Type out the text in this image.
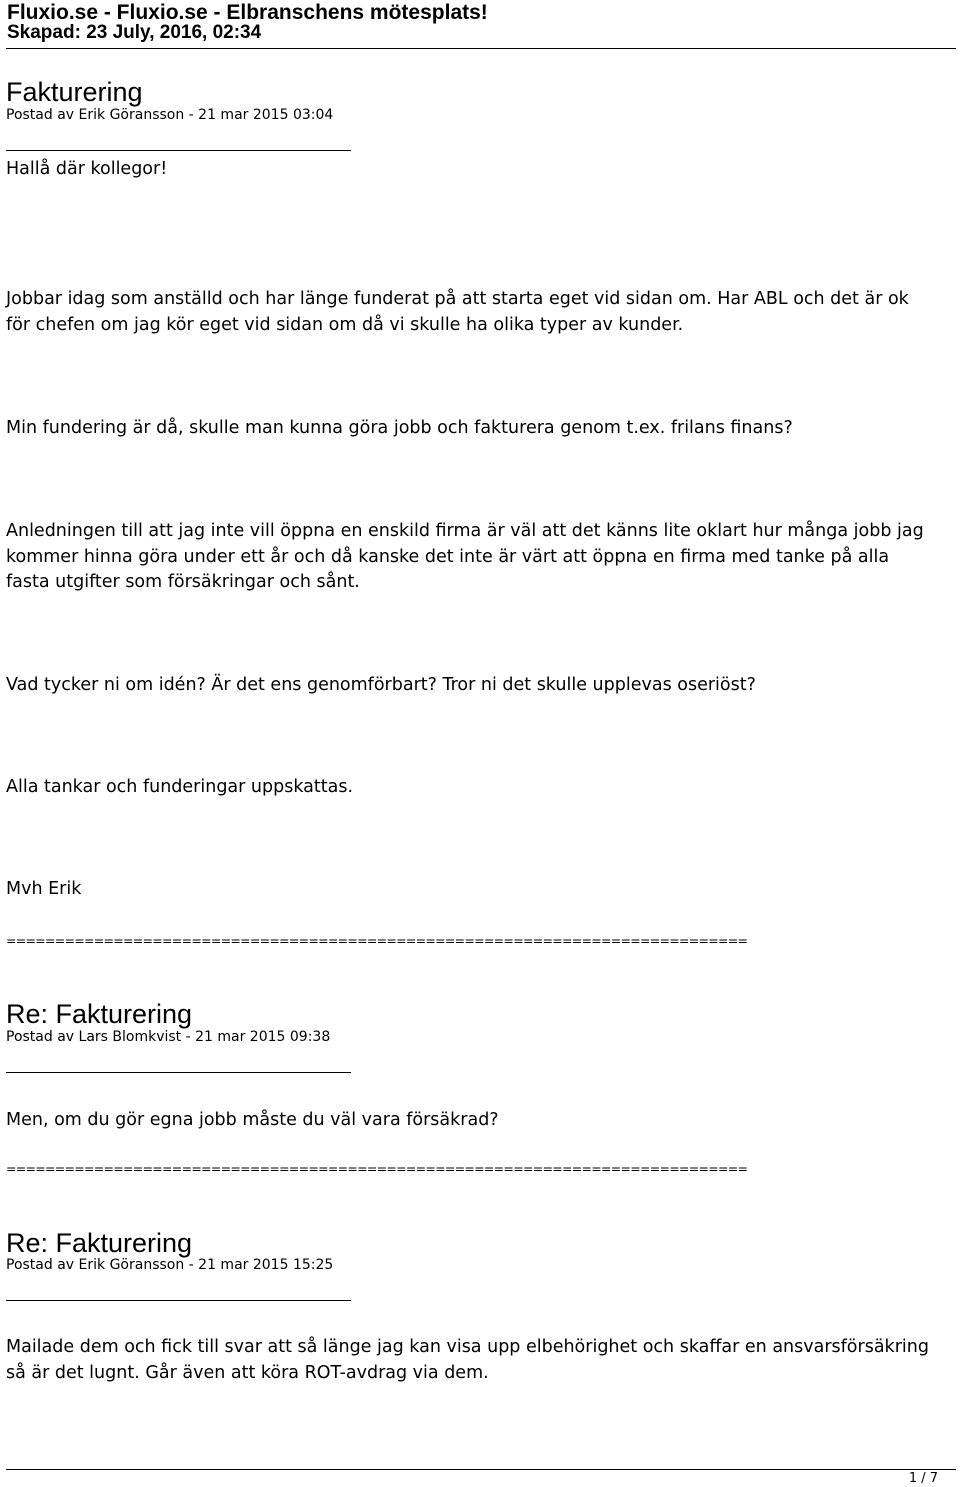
Fluxio.se - Fluxio.se - Elbranschens mötesplats!
Skapad: 23 July, 2016, 02:34
Fakturering
Postad av Erik Göransson - 21 mar 2015 03:04
Hallå där kollegor!
Jobbar idag som anställd och har länge funderat på att starta eget vid sidan om. Har ABL och det är ok
för chefen om jag kör eget vid sidan om då vi skulle ha olika typer av kunder.
Min fundering är då, skulle man kunna göra jobb och fakturera genom t.ex. frilans finans?
Anledningen till att jag inte vill öppna en enskild firma är väl att det känns lite oklart hur många jobb jag
kommer hinna göra under ett år och då kanske det inte är värt att öppna en firma med tanke på alla
fasta utgifter som försäkringar och sånt.
Vad tycker ni om idén? Är det ens genomförbart? Tror ni det skulle upplevas oseriöst?
Alla tankar och funderingar uppskattas.
Mvh Erik
============================================================================
Re: Fakturering
Postad av Lars Blomkvist - 21 mar 2015 09:38
Men, om du gör egna jobb måste du väl vara försäkrad?
============================================================================
Re: Fakturering
Postad av Erik Göransson - 21 mar 2015 15:25
Mailade dem och fick till svar att så länge jag kan visa upp elbehörighet och skaffar en ansvarsförsäkring
så är det lugnt. Går även att köra ROT-avdrag via dem.
1 / 7
